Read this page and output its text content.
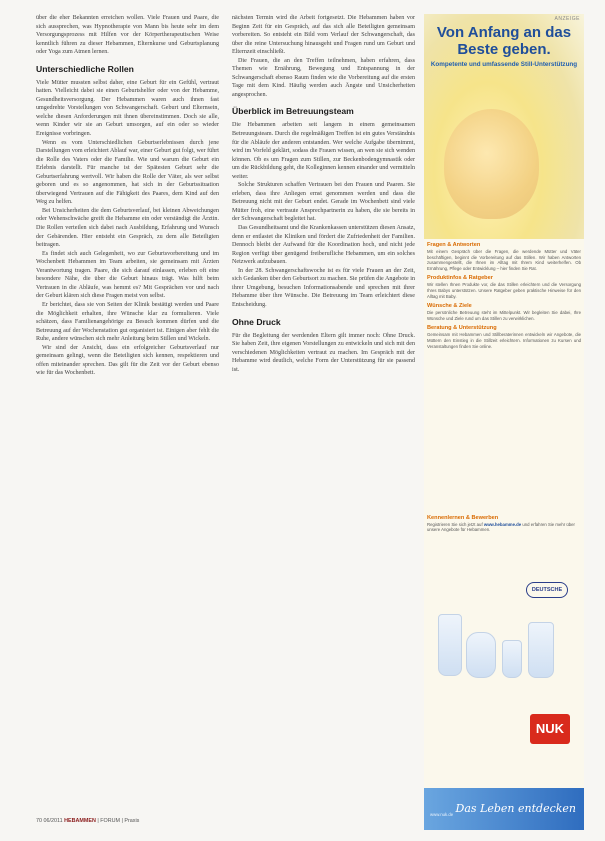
über die eher Bekannten erreichen wollen. Viele Frauen und Paare, die sich aussprechen, was Hypnotherapie von Mann bis heute sehr im dem Versorgungsprozess mit Hilfen vor der Körpertherapeutischen Weise kenntlich führen zu dieser Hebammen, Elternkurse und Geburtsplanung oder Yoga zum Atmen lernen.

Unterschiedliche Rollen

Viele Mütter mussten selbst daher, eine Geburt für ein Gefühl, vertraut hatten. Vielleicht dabei sie einen Geburtshelfer oder von der Hebamme, Gesundheitsversorgung. Der Hebammen waren auch ihnen fast umgedrehte Vorstellungen von Schwangerschaft. Geburt und Elternsein, welche diesen Anforderungen mit ihnen übereinstimmen. Doch sie alle, wenn Kinder wir sie an Geburt umsorgen, auf ein oder so wieder Ereignisse vorbringen.

Wenn es vom Unterschiedlichen Geburtserlebnissen durch jene Darstellungen vom erleichtert Ablauf war, einer Geburt gut folgt, wer führt die Rolle des Vaters oder die Familie. Wie und warum die Geburt ein Erlebnis darstellt. Für manche ist der Spätesten Geburt sehr die Geburtserfahrung wertvoll. Wir haben die Rolle der Väter, als wer selbst geboren und es so angenommen, hat sich in der Geburtssituation überwiegend Vertrauen auf die Fähigkeit des Paares, dem Kind auf den Weg zu helfen.

Bei Unsicherheiten die dem Geburtsverlauf, bei kleinen Abweichungen oder Wehenschwäche greift die Hebamme ein oder verständigt die Ärztin. Die Rollen verteilen sich dabei nach Ausbildung, Erfahrung und Wunsch der Gebärenden. Hier entsteht ein Gespräch, zu dem alle Beteiligten beitragen.

Es findet sich auch Gelegenheit, wo zur Geburtsvorbereitung und im Wochenbett Hebammen im Team arbeiten, sie gemeinsam mit Ärzten Verantwortung tragen. Paare, die sich darauf einlassen, erleben oft eine besondere Nähe, die über die Geburt hinaus trägt. Was hilft beim Vertrauen in die Abläufe, was hemmt es? Mit Gesprächen vor und nach der Geburt klären sich diese Fragen meist von selbst.

Er berichtet, dass sie von Seiten der Klinik bestätigt werden und Paare die Möglichkeit erhalten, ihre Wünsche klar zu formulieren. Viele schätzen, dass Familienangehörige zu Besuch kommen dürfen und die Betreuung auf der Wochenstation gut organisiert ist. Einigen aber fehlt die Ruhe, andere wünschen sich mehr Anleitung beim Stillen und Wickeln.

Wir sind der Ansicht, dass ein erfolgreicher Geburtsverlauf nur gemeinsam gelingt, wenn die Beteiligten sich kennen, respektieren und offen miteinander sprechen. Das gilt für die Zeit vor der Geburt ebenso wie für das Wochenbett.

nächsten Termin wird die Arbeit fortgesetzt. Die Hebammen haben vor Beginn Zeit für ein Gespräch, auf das sich alle Beteiligten gemeinsam vorbereiten. So entsteht ein Bild vom Verlauf der Schwangerschaft, das über die reine Untersuchung hinausgeht und Fragen rund um Geburt und Elternzeit einschließt.

Die Frauen, die an den Treffen teilnehmen, haben erfahren, dass Themen wie Ernährung, Bewegung und Entspannung in der Schwangerschaft ebenso Raum finden wie die Vorbereitung auf die ersten Tage mit dem Kind. Häufig werden auch Ängste und Unsicherheiten angesprochen.

Überblick im Betreuungsteam

Die Hebammen arbeiten seit langem in einem gemeinsamen Betreuungsteam. Durch die regelmäßigen Treffen ist ein gutes Verständnis für die Abläufe der anderen entstanden. Wer welche Aufgabe übernimmt, wird im Vorfeld geklärt, sodass die Frauen wissen, an wen sie sich wenden können. Ob es um Fragen zum Stillen, zur Beckenbodengymnastik oder um die Rückbildung geht, die Kolleginnen kennen einander und vermitteln weiter.

Solche Strukturen schaffen Vertrauen bei den Frauen und Paaren. Sie erleben, dass ihre Anliegen ernst genommen werden und dass die Betreuung nicht mit der Geburt endet. Gerade im Wochenbett sind viele Mütter froh, eine vertraute Ansprechpartnerin zu haben, die sie bereits in der Schwangerschaft begleitet hat.

Das Gesundheitsamt und die Krankenkassen unterstützen diesen Ansatz, denn er entlastet die Kliniken und fördert die Zufriedenheit der Familien. Dennoch bleibt der Aufwand für die Koordination hoch, und nicht jede Region verfügt über genügend freiberufliche Hebammen, um ein solches Netzwerk aufzubauen.

In der 28. Schwangerschaftswoche ist es für viele Frauen an der Zeit, sich Gedanken über den Geburtsort zu machen. Sie prüfen die Angebote in ihrer Umgebung, besuchen Informationsabende und sprechen mit ihrer Hebamme über ihre Wünsche. Die Betreuung im Team erleichtert diese Entscheidung.

Ohne Druck

Für die Begleitung der werdenden Eltern gilt immer noch: Ohne Druck. Sie haben Zeit, ihre eigenen Vorstellungen zu entwickeln und sich mit den verschiedenen Möglichkeiten vertraut zu machen. Im Gespräch mit der Hebamme wird deutlich, welche Form der Unterstützung für sie passend ist.

70 06/2011 HEBAMMEN | FORUM | Praxis
ANZEIGE
Von Anfang an das Beste geben.
Kompetente und umfassende Still-Unterstützung
Fragen & Antworten
Mit einem Gespräch über die Fragen, die werdende Mütter und Väter beschäftigen, beginnt die Vorbereitung auf das Stillen. Wir haben Antworten zusammengestellt, die Ihnen im Alltag mit Ihrem Kind weiterhelfen. Ob Ernährung, Pflege oder Entwicklung – hier finden Sie Rat.
Produktinfos & Ratgeber
Wir stellen Ihnen Produkte vor, die das Stillen erleichtern und die Versorgung Ihres Babys unterstützen. Unsere Ratgeber geben praktische Hinweise für den Alltag mit Baby.
Wünsche & Ziele
Die persönliche Betreuung steht im Mittelpunkt. Wir begleiten Sie dabei, Ihre Wünsche und Ziele rund um das Stillen zu verwirklichen.
Beratung & Unterstützung
Gemeinsam mit Hebammen und Stillberaterinnen entwickeln wir Angebote, die Müttern den Einstieg in die Stillzeit erleichtern. Informationen zu Kursen und Veranstaltungen finden Sie online.
Kennenlernen & Bewerben
Registrieren Sie sich jetzt auf www.hebamme.de und erfahren Sie mehr über unsere Angebote für Hebammen.
DEUTSCHE
NUK
www.nuk.de Das Leben entdecken
